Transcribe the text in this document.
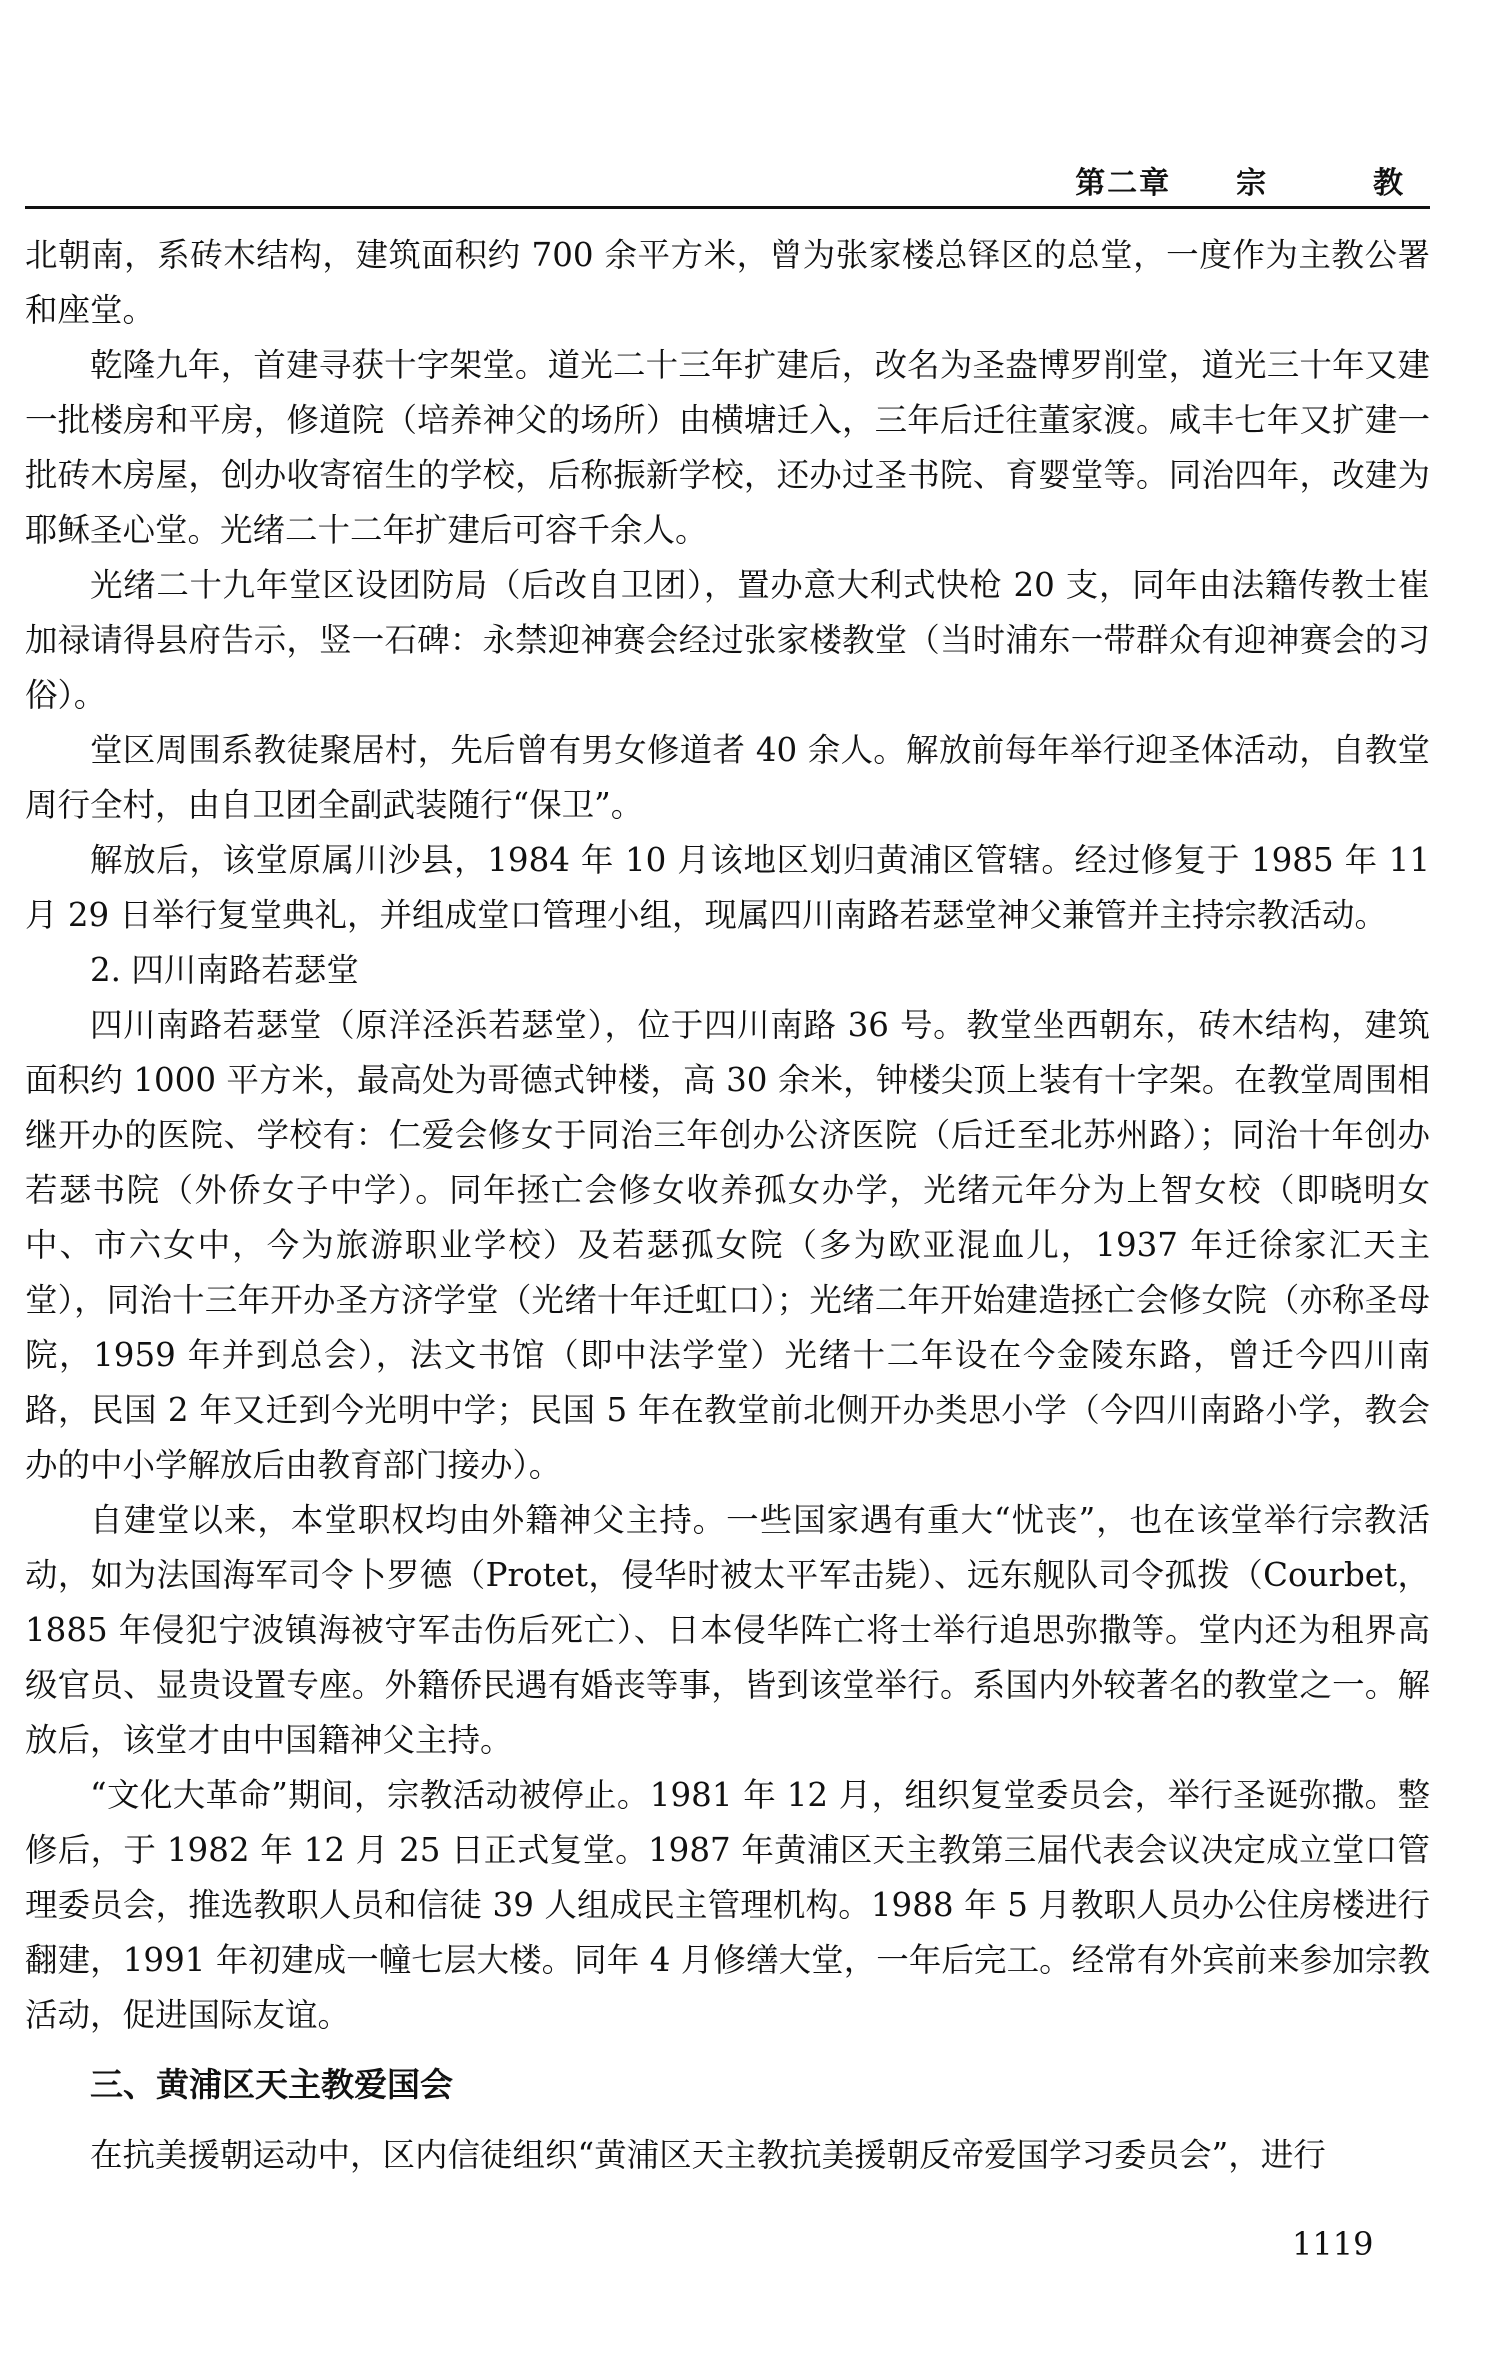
第二章 宗	教

北朝南，系砖木结构，建筑面积约 700 余平方米，曾为张家楼总铎区的总堂，一度作为主教公署和座堂。

乾隆九年，首建寻获十字架堂。道光二十三年扩建后，改名为圣盎博罗削堂，道光三十年又建一批楼房和平房，修道院（培养神父的场所）由横塘迁入，三年后迁往董家渡。咸丰七年又扩建一批砖木房屋，创办收寄宿生的学校，后称振新学校，还办过圣书院、育婴堂等。同治四年，改建为耶稣圣心堂。光绪二十二年扩建后可容千余人。

光绪二十九年堂区设团防局（后改自卫团），置办意大利式快枪 20 支，同年由法籍传教士崔加禄请得县府告示，竖一石碑：永禁迎神赛会经过张家楼教堂（当时浦东一带群众有迎神赛会的习俗）。

堂区周围系教徒聚居村，先后曾有男女修道者 40 余人。解放前每年举行迎圣体活动，自教堂周行全村，由自卫团全副武装随行“保卫”。

解放后，该堂原属川沙县，1984 年 10 月该地区划归黄浦区管辖。经过修复于 1985 年 11 月 29 日举行复堂典礼，并组成堂口管理小组，现属四川南路若瑟堂神父兼管并主持宗教活动。

2. 四川南路若瑟堂

四川南路若瑟堂（原洋泾浜若瑟堂），位于四川南路 36 号。教堂坐西朝东，砖木结构，建筑面积约 1000 平方米，最高处为哥德式钟楼，高 30 余米，钟楼尖顶上装有十字架。在教堂周围相继开办的医院、学校有：仁爱会修女于同治三年创办公济医院（后迁至北苏州路）；同治十年创办若瑟书院（外侨女子中学）。同年拯亡会修女收养孤女办学，光绪元年分为上智女校（即晓明女中、市六女中，今为旅游职业学校）及若瑟孤女院（多为欧亚混血儿，1937 年迁徐家汇天主堂），同治十三年开办圣方济学堂（光绪十年迁虹口）；光绪二年开始建造拯亡会修女院（亦称圣母院，1959 年并到总会），法文书馆（即中法学堂）光绪十二年设在今金陵东路，曾迁今四川南路，民国 2 年又迁到今光明中学；民国 5 年在教堂前北侧开办类思小学（今四川南路小学，教会办的中小学解放后由教育部门接办）。

自建堂以来，本堂职权均由外籍神父主持。一些国家遇有重大“忧丧”，也在该堂举行宗教活动，如为法国海军司令卜罗德（Protet，侵华时被太平军击毙）、远东舰队司令孤拨（Courbet，1885 年侵犯宁波镇海被守军击伤后死亡）、日本侵华阵亡将士举行追思弥撒等。堂内还为租界高级官员、显贵设置专座。外籍侨民遇有婚丧等事，皆到该堂举行。系国内外较著名的教堂之一。解放后，该堂才由中国籍神父主持。

“文化大革命”期间，宗教活动被停止。1981 年 12 月，组织复堂委员会，举行圣诞弥撒。整修后，于 1982 年 12 月 25 日正式复堂。1987 年黄浦区天主教第三届代表会议决定成立堂口管理委员会，推选教职人员和信徒 39 人组成民主管理机构。1988 年 5 月教职人员办公住房楼进行翻建，1991 年初建成一幢七层大楼。同年 4 月修缮大堂，一年后完工。经常有外宾前来参加宗教活动，促进国际友谊。

三、黄浦区天主教爱国会

在抗美援朝运动中，区内信徒组织“黄浦区天主教抗美援朝反帝爱国学习委员会”，进行

1119
